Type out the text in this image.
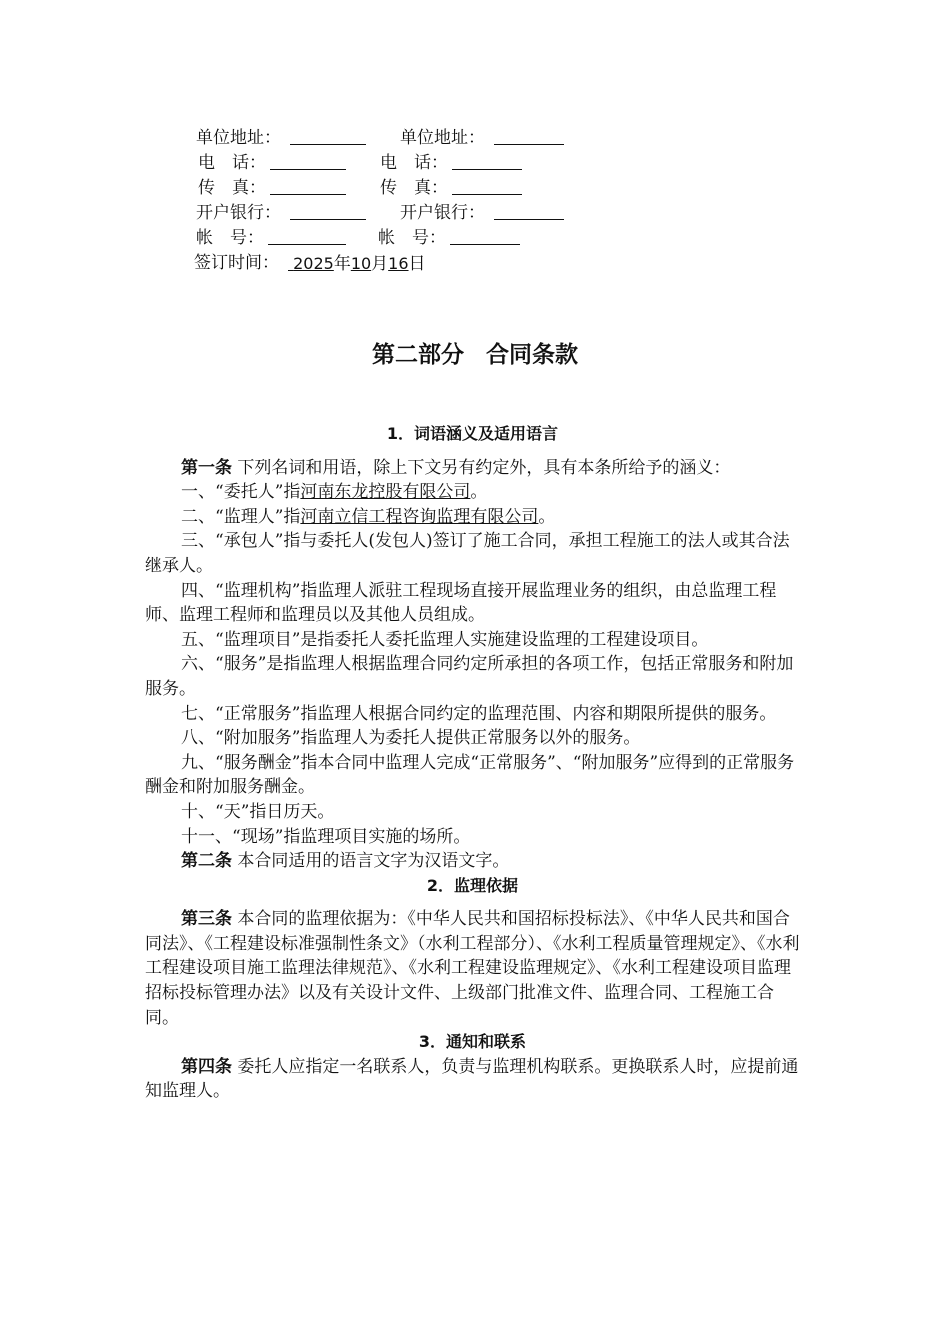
单位地址：	单位地址：
电　话：	电　话：
传　真：	传　真：
开户银行：	开户银行：
帐　号：	帐　号：
签订时间： 2025年10月16日
第二部分 合同条款
1．词语涵义及适用语言

第一条 下列名词和用语，除上下文另有约定外，具有本条所给予的涵义：

一、“委托人”指河南东龙控股有限公司。

二、“监理人”指河南立信工程咨询监理有限公司。

三、“承包人”指与委托人(发包人)签订了施工合同，承担工程施工的法人或其合法继承人。

四、“监理机构”指监理人派驻工程现场直接开展监理业务的组织，由总监理工程师、监理工程师和监理员以及其他人员组成。

五、“监理项目”是指委托人委托监理人实施建设监理的工程建设项目。

六、“服务”是指监理人根据监理合同约定所承担的各项工作，包括正常服务和附加服务。

七、“正常服务”指监理人根据合同约定的监理范围、内容和期限所提供的服务。

八、“附加服务”指监理人为委托人提供正常服务以外的服务。

九、“服务酬金”指本合同中监理人完成“正常服务”、“附加服务”应得到的正常服务酬金和附加服务酬金。

十、“天”指日历天。

十一、“现场”指监理项目实施的场所。

第二条 本合同适用的语言文字为汉语文字。

2．监理依据

第三条 本合同的监理依据为：《中华人民共和国招标投标法》、《中华人民共和国合同法》、《工程建设标准强制性条文》（水利工程部分）、《水利工程质量管理规定》、《水利工程建设项目施工监理法律规范》、《水利工程建设监理规定》、《水利工程建设项目监理招标投标管理办法》以及有关设计文件、上级部门批准文件、监理合同、工程施工合同。

3．通知和联系

第四条 委托人应指定一名联系人，负责与监理机构联系。更换联系人时，应提前通知监理人。
